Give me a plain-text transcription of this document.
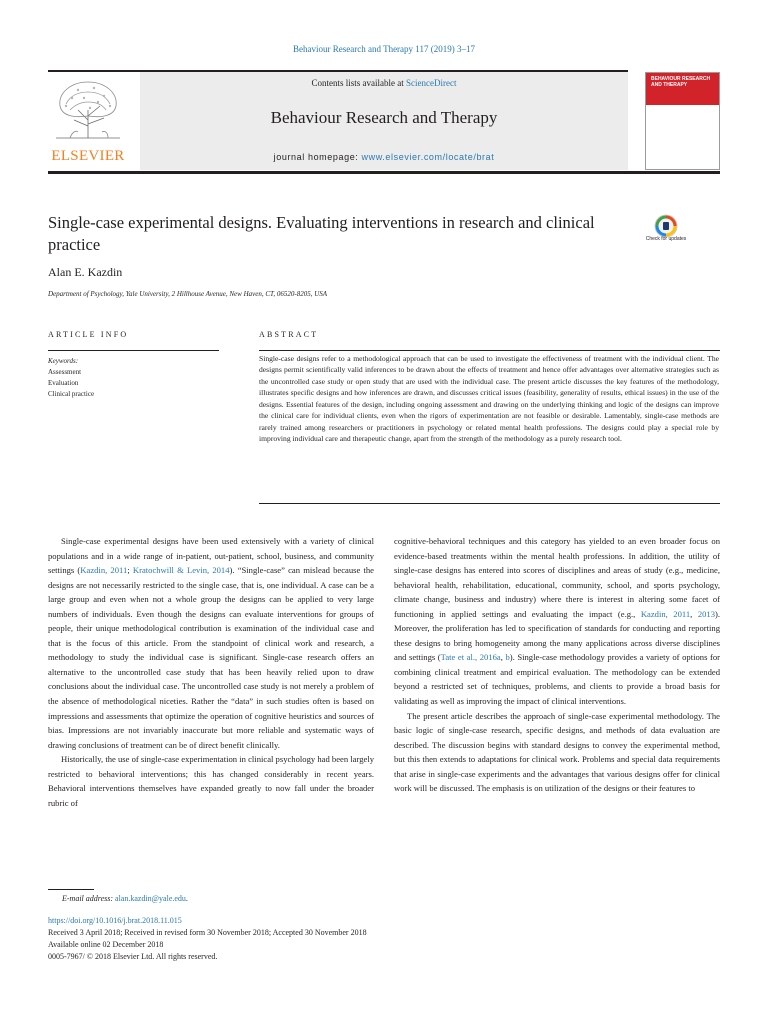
Behaviour Research and Therapy 117 (2019) 3–17
ELSEVIER
Contents lists available at ScienceDirect
Behaviour Research and Therapy
journal homepage: www.elsevier.com/locate/brat
BEHAVIOUR RESEARCH AND THERAPY
Single-case experimental designs. Evaluating interventions in research and clinical practice	Check for updates
Alan E. Kazdin
Department of Psychology, Yale University, 2 Hillhouse Avenue, New Haven, CT, 06520-8205, USA
ARTICLE INFO	ABSTRACT
Keywords:
Assessment
Evaluation
Clinical practice
Single-case designs refer to a methodological approach that can be used to investigate the effectiveness of treatment with the individual client. The designs permit scientifically valid inferences to be drawn about the effects of treatment and hence offer advantages over alternative strategies such as the uncontrolled case study or open study that are used with the individual case. The present article discusses the key features of the methodology, illustrates specific designs and how inferences are drawn, and discusses critical issues (feasibility, generality of results, ethical issues) in the use of the designs. Essential features of the design, including ongoing assessment and drawing on the underlying thinking and logic of the designs can improve the clinical care for individual clients, even when the rigors of experimentation are not feasible or desirable. Lamentably, single-case methods are rarely trained among researchers or practitioners in psychology or related mental health professions. The designs could play a special role by improving individual care and therapeutic change, apart from the strength of the methodology as a purely research tool.

Single-case experimental designs have been used extensively with a variety of clinical populations and in a wide range of in-patient, out-patient, school, business, and community settings (Kazdin, 2011; Kratochwill & Levin, 2014). “Single-case” can mislead because the designs are not necessarily restricted to the single case, that is, one individual. A case can be a large group and even when not a whole group the designs can be applied to very large numbers of individuals. Even though the designs can evaluate interventions for groups of people, their unique methodological contribution is examination of the individual case and that is the focus of this article. From the standpoint of clinical work and research, a methodology to study the individual case is significant. Single-case research offers an alternative to the uncontrolled case study that has been heavily relied upon to draw conclusions about the individual case. The uncontrolled case study is not merely a problem of the absence of methodological niceties. Rather the “data” in such studies often is based on impressions and assessments that optimize the operation of cognitive heuristics and sources of bias. Impressions are not invariably inaccurate but more reliable and systematic ways of drawing conclusions of treatment can be of direct benefit clinically.

Historically, the use of single-case experimentation in clinical psychology had been largely restricted to behavioral interventions; this has changed considerably in recent years. Behavioral interventions themselves have expanded greatly to now fall under the broader rubric of

cognitive-behavioral techniques and this category has yielded to an even broader focus on evidence-based treatments within the mental health professions. In addition, the utility of single-case designs has entered into scores of disciplines and areas of study (e.g., medicine, behavioral health, rehabilitation, educational, community, school, and sports psychology, climate change, business and industry) where there is interest in altering some facet of functioning in applied settings and evaluating the impact (e.g., Kazdin, 2011, 2013). Moreover, the proliferation has led to specification of standards for conducting and reporting these designs to bring homogeneity among the many applications across diverse disciplines and settings (Tate et al., 2016a, b). Single-case methodology provides a variety of options for combining clinical treatment and empirical evaluation. The methodology can be extended beyond a restricted set of techniques, problems, and clients to provide a broad basis for validating as well as improving the impact of clinical interventions.

The present article describes the approach of single-case experimental methodology. The basic logic of single-case research, specific designs, and methods of data evaluation are described. The discussion begins with standard designs to convey the experimental method, but this then extends to adaptations for clinical work. Problems and special data requirements that arise in single-case experiments and the advantages that various designs offer for clinical work will be discussed. The emphasis is on utilization of the designs or their features to

E-mail address: alan.kazdin@yale.edu.
https://doi.org/10.1016/j.brat.2018.11.015
Received 3 April 2018; Received in revised form 30 November 2018; Accepted 30 November 2018
Available online 02 December 2018
0005-7967/ © 2018 Elsevier Ltd. All rights reserved.
